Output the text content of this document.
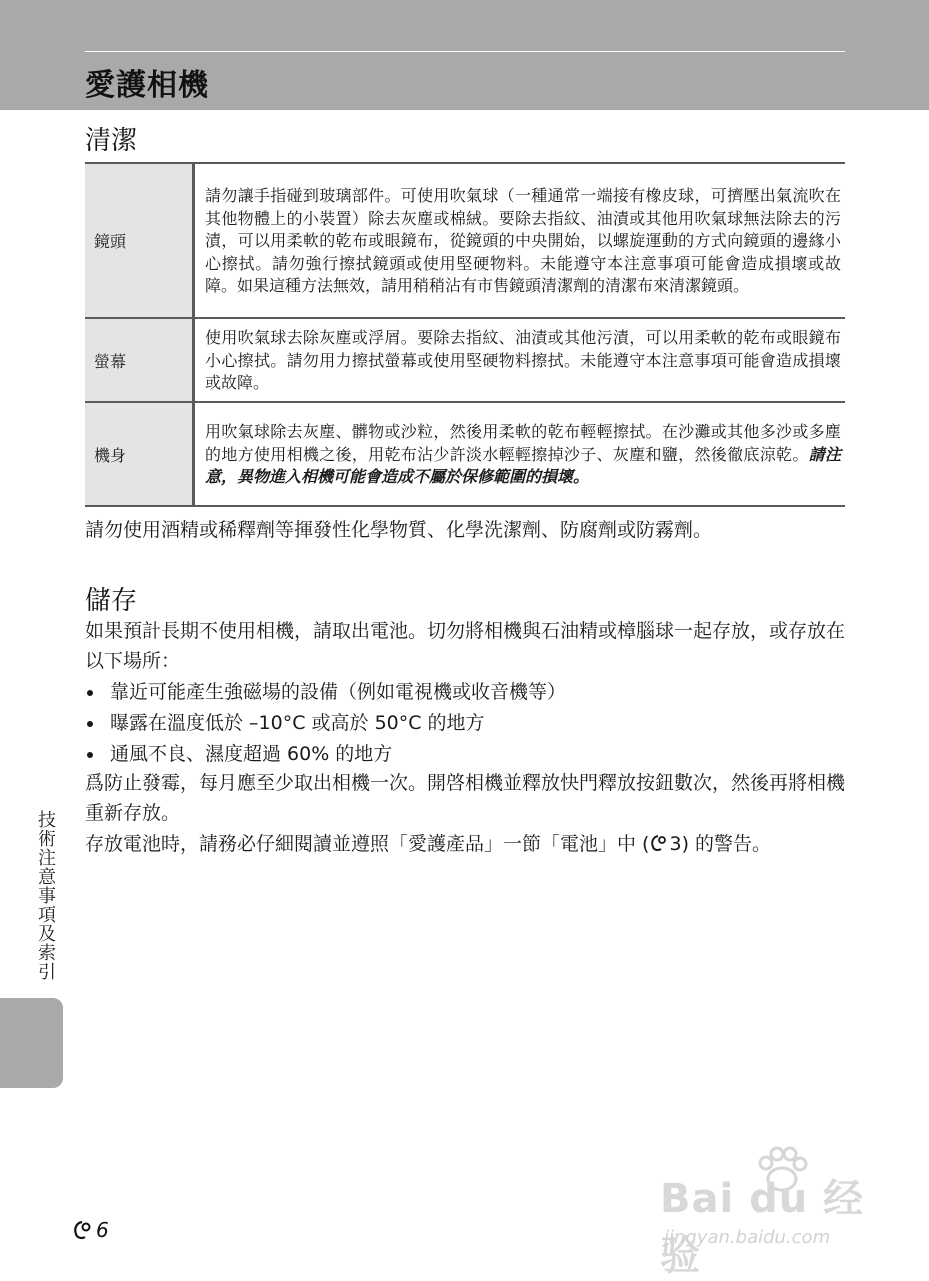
愛護相機
清潔
鏡頭	請勿讓手指碰到玻璃部件。可使用吹氣球（一種通常一端接有橡皮球，可擠壓出氣流吹在其他物體上的小裝置）除去灰塵或棉絨。要除去指紋、油漬或其他用吹氣球無法除去的污漬，可以用柔軟的乾布或眼鏡布，從鏡頭的中央開始，以螺旋運動的方式向鏡頭的邊緣小心擦拭。請勿強行擦拭鏡頭或使用堅硬物料。未能遵守本注意事項可能會造成損壞或故障。如果這種方法無效，請用稍稍沾有市售鏡頭清潔劑的清潔布來清潔鏡頭。
螢幕	使用吹氣球去除灰塵或浮屑。要除去指紋、油漬或其他污漬，可以用柔軟的乾布或眼鏡布小心擦拭。請勿用力擦拭螢幕或使用堅硬物料擦拭。未能遵守本注意事項可能會造成損壞或故障。
機身	用吹氣球除去灰塵、髒物或沙粒，然後用柔軟的乾布輕輕擦拭。在沙灘或其他多沙或多塵的地方使用相機之後，用乾布沾少許淡水輕輕擦掉沙子、灰塵和鹽，然後徹底涼乾。請注意，異物進入相機可能會造成不屬於保修範圍的損壞。

請勿使用酒精或稀釋劑等揮發性化學物質、化學洗潔劑、防腐劑或防霧劑。

儲存

如果預計長期不使用相機，請取出電池。切勿將相機與石油精或樟腦球一起存放，或存放在以下場所：

靠近可能產生強磁場的設備（例如電視機或收音機等）
曝露在溫度低於 –10°C 或高於 50°C 的地方
通風不良、濕度超過 60% 的地方

爲防止發霉，每月應至少取出相機一次。開啓相機並釋放快門釋放按鈕數次，然後再將相機重新存放。

存放電池時，請務必仔細閱讀並遵照「愛護產品」一節「電池」中 ( 3) 的警告。

技術注意事項及索引
6
Bai du 经验
jingyan.baidu.com
